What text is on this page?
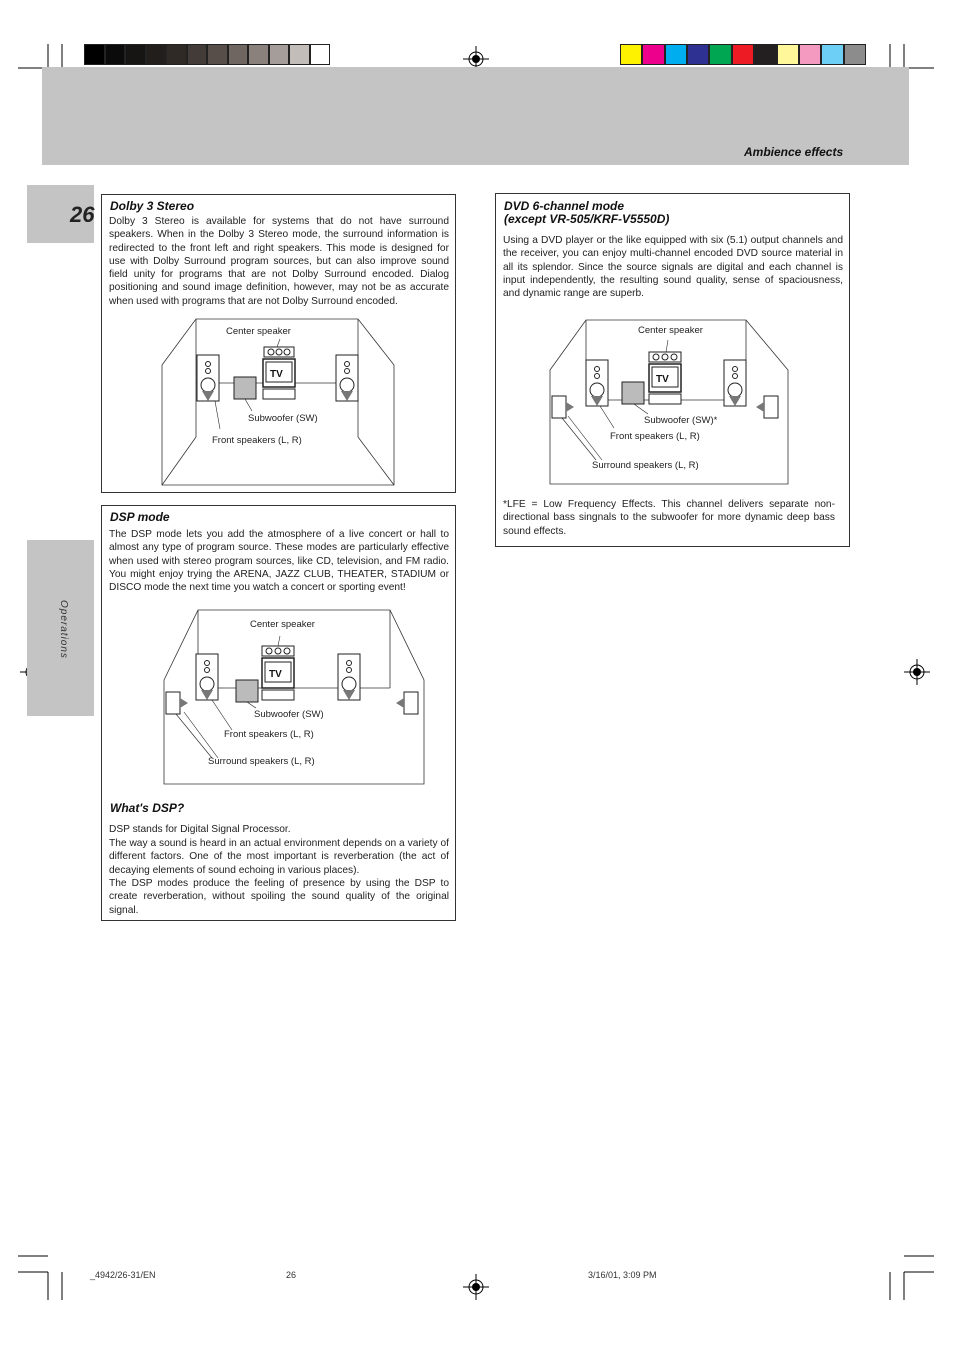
Ambience effects
26
Operations
Dolby 3 Stereo
Dolby 3 Stereo is available for systems that do not have surround speakers. When in the Dolby 3 Stereo mode, the surround information is redirected to the front left and right speakers. This mode is designed for use with Dolby Surround program sources, but can also improve sound field unity for programs that are not Dolby Surround encoded. Dialog positioning and sound image definition, however, may not be as accurate when used with programs that are not Dolby Surround encoded.
TV
Center speaker
Subwoofer (SW)
Front speakers (L, R)
DSP mode
The DSP mode lets you add the atmosphere of a live concert or hall to almost any type of program source. These modes are particularly effective when used with stereo program sources, like CD, television, and FM radio. You might enjoy trying the ARENA, JAZZ CLUB, THEATER, STADIUM or DISCO mode the next time you watch a concert or sporting event!
TV
Center speaker
Subwoofer (SW)
Front speakers (L, R)
Surround speakers (L, R)
What's DSP?
DSP stands for Digital Signal Processor.
The way a sound is heard in an actual environment depends on a variety of different factors. One of the most important is reverberation (the act of decaying elements of sound echoing in various places).
The DSP modes produce the feeling of presence by using the DSP to create reverberation, without spoiling the sound quality of the original signal.
DVD 6-channel mode
(except VR-505/KRF-V5550D)
Using a DVD player or the like equipped with six (5.1) output channels and the receiver, you can enjoy multi-channel encoded DVD source material in all its splendor. Since the source signals are digital and each channel is input independently, the resulting sound quality, sense of spaciousness, and dynamic range are superb.
TV
Center speaker
Subwoofer (SW)*
Front speakers (L, R)
Surround speakers (L, R)
*LFE = Low Frequency Effects. This channel delivers separate non-directional bass singnals to the subwoofer for more dynamic deep bass sound effects.
_4942/26-31/EN	26	3/16/01, 3:09 PM
